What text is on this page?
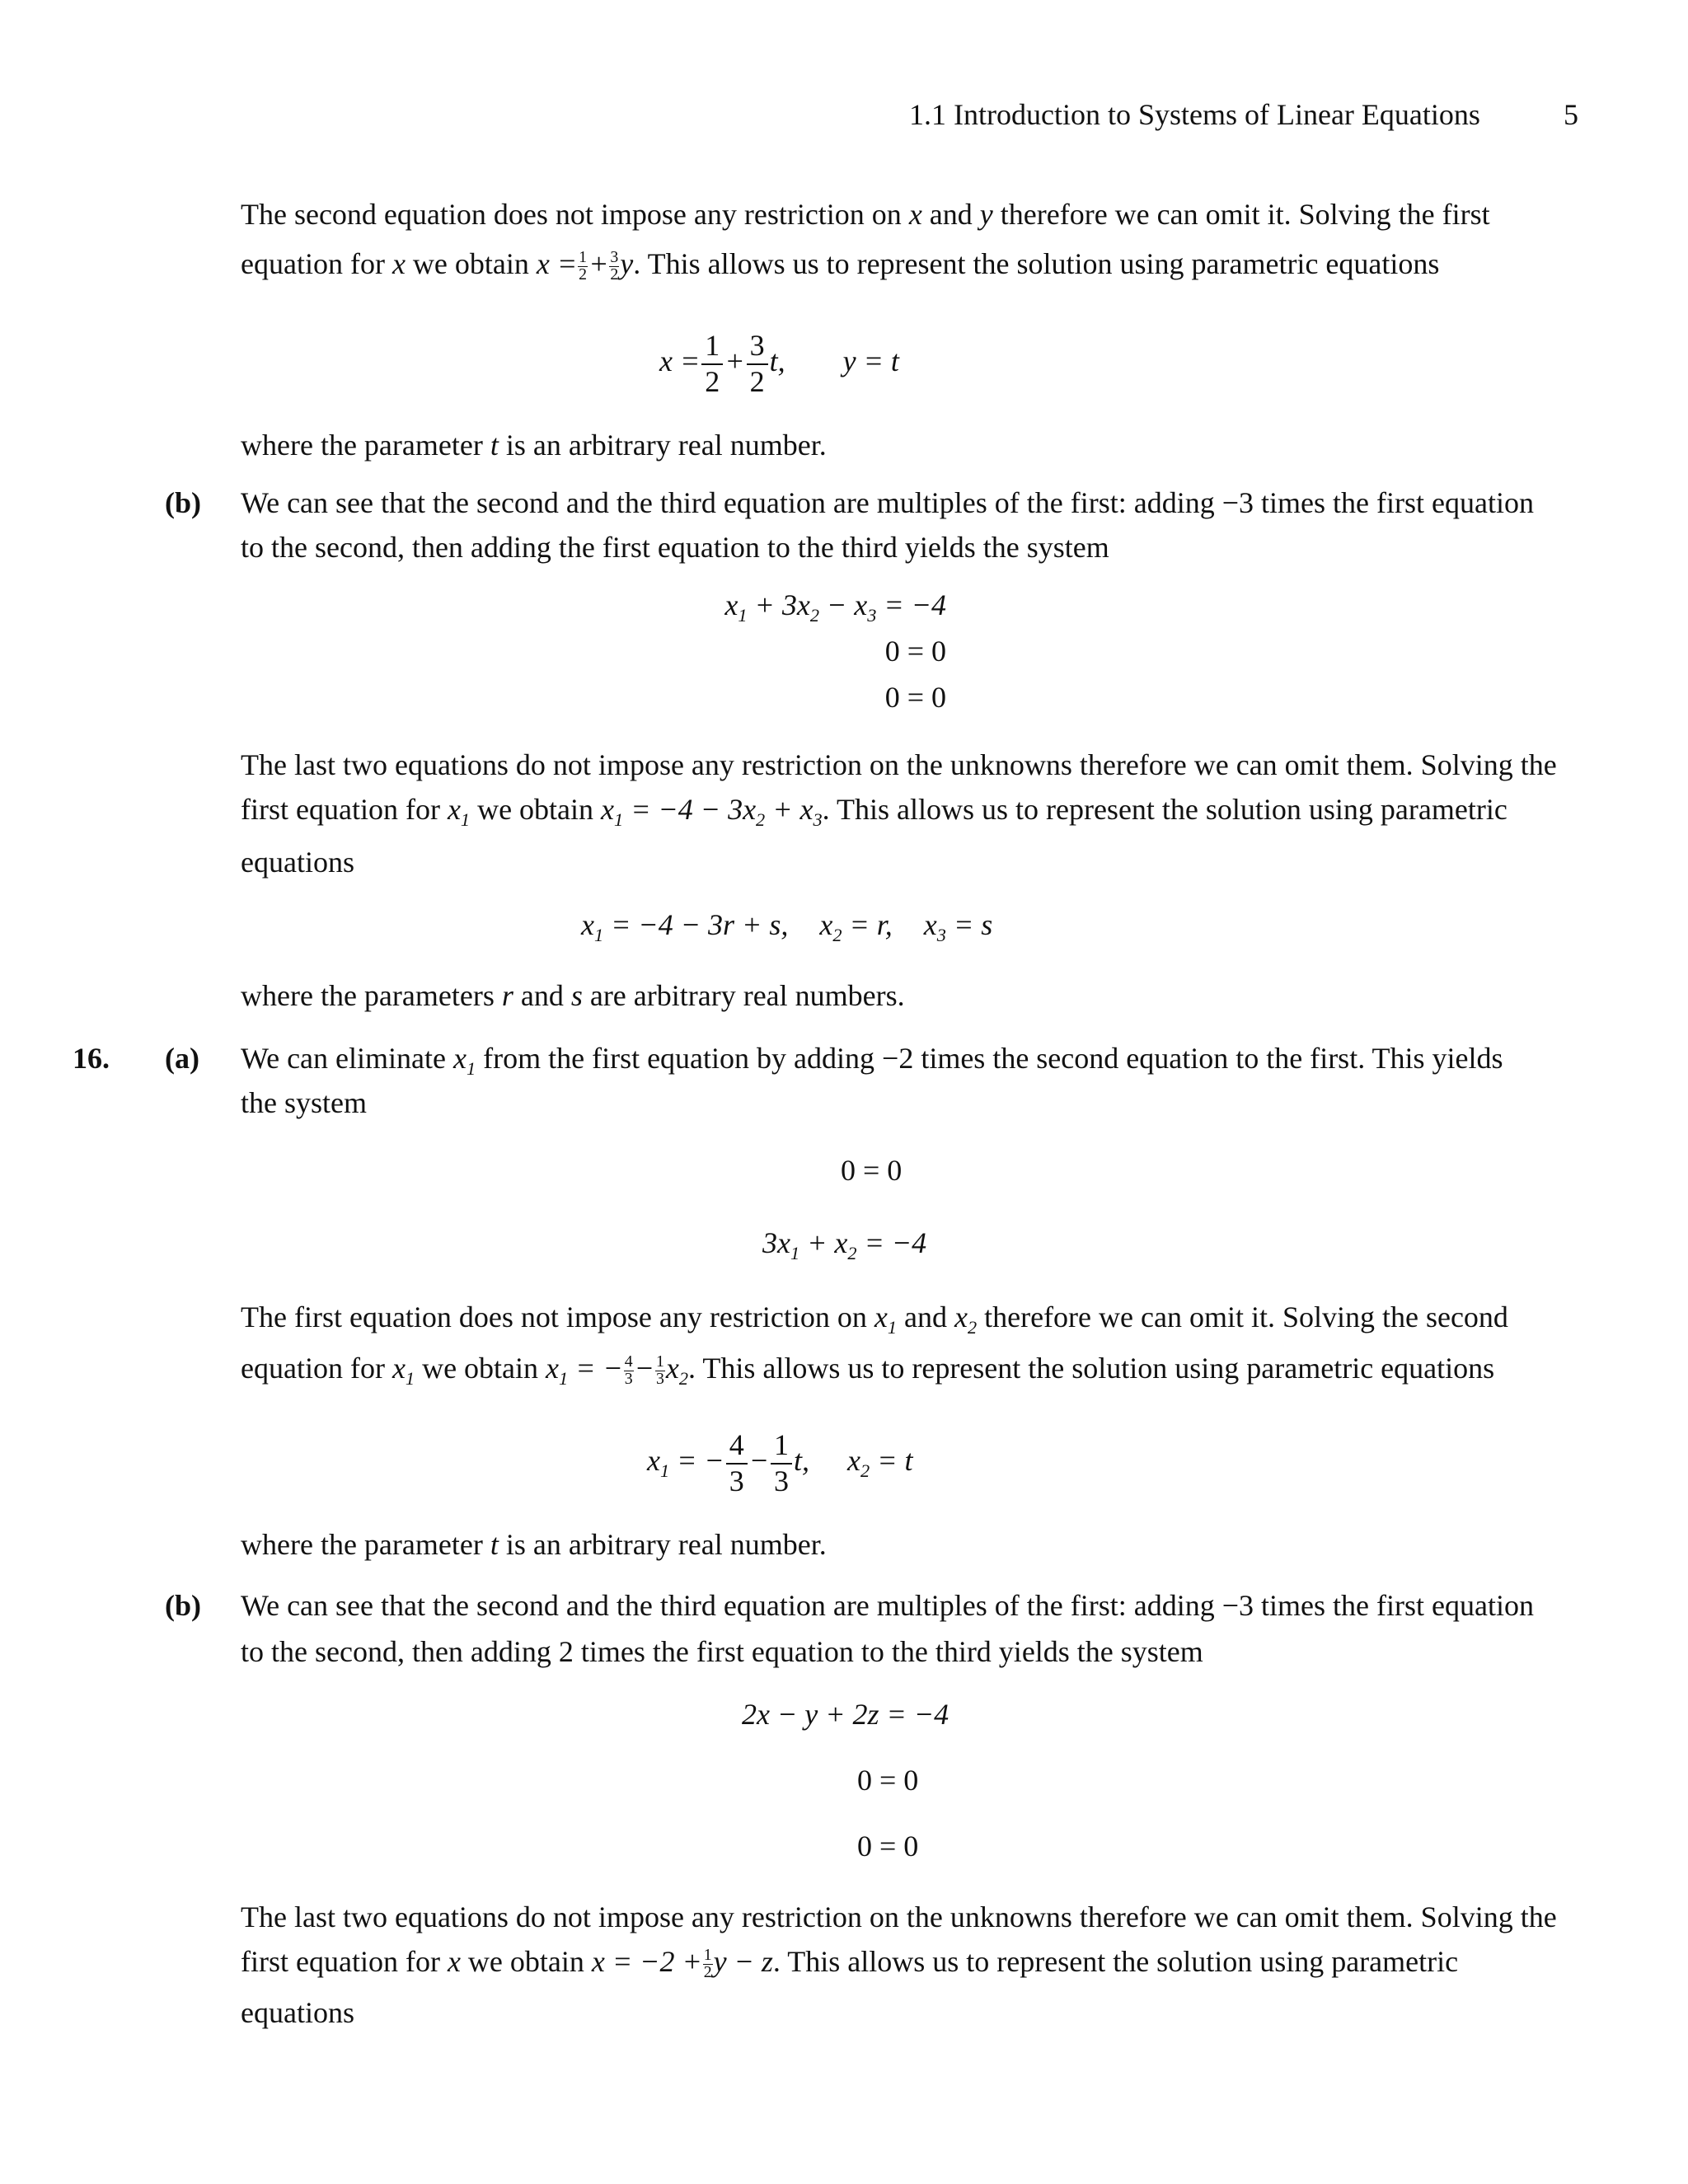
1.1 Introduction to Systems of Linear Equations	5
The second equation does not impose any restriction on x and y therefore we can omit it. Solving the first
equation for x we obtain $x = \frac{1}{2} + \frac{3}{2} y$. This allows us to represent the solution using parametric equations
$x = \frac{1}{2} + \frac{3}{2} t$, y = t
where the parameter t is an arbitrary real number.
(b) We can see that the second and the third equation are multiples of the first: adding −3 times the first equation
to the second, then adding the first equation to the third yields the system
$x_1 + 3x_2 - x_3 = -4$
0 = 0
0 = 0
The last two equations do not impose any restriction on the unknowns therefore we can omit them. Solving the
first equation for $x_1$ we obtain $x_1 = -4 - 3x_2 + x_3$. This allows us to represent the solution using parametric
equations
$x_1 = -4 - 3r + s$, $x_2 = r$, $x_3 = s$
where the parameters r and s are arbitrary real numbers.
16. (a) We can eliminate $x_1$ from the first equation by adding −2 times the second equation to the first. This yields
the system
0 = 0
$3x_1 + x_2 = -4$
The first equation does not impose any restriction on $x_1$ and $x_2$ therefore we can omit it. Solving the second
equation for $x_1$ we obtain $x_1$ = − $\frac{4}{3} - \frac{1}{3} x_2$. This allows us to represent the solution using parametric equations
$x_1$ = − $\frac{4}{3} - \frac{1}{3} t$, $x_2 = t$
where the parameter t is an arbitrary real number.
(b) We can see that the second and the third equation are multiples of the first: adding −3 times the first equation
to the second, then adding 2 times the first equation to the third yields the system
2x − y + 2z = −4
0 = 0
0 = 0
The last two equations do not impose any restriction on the unknowns therefore we can omit them. Solving the
first equation for x we obtain $x = -2 + \frac{1}{2}$ y − z. This allows us to represent the solution using parametric
equations
